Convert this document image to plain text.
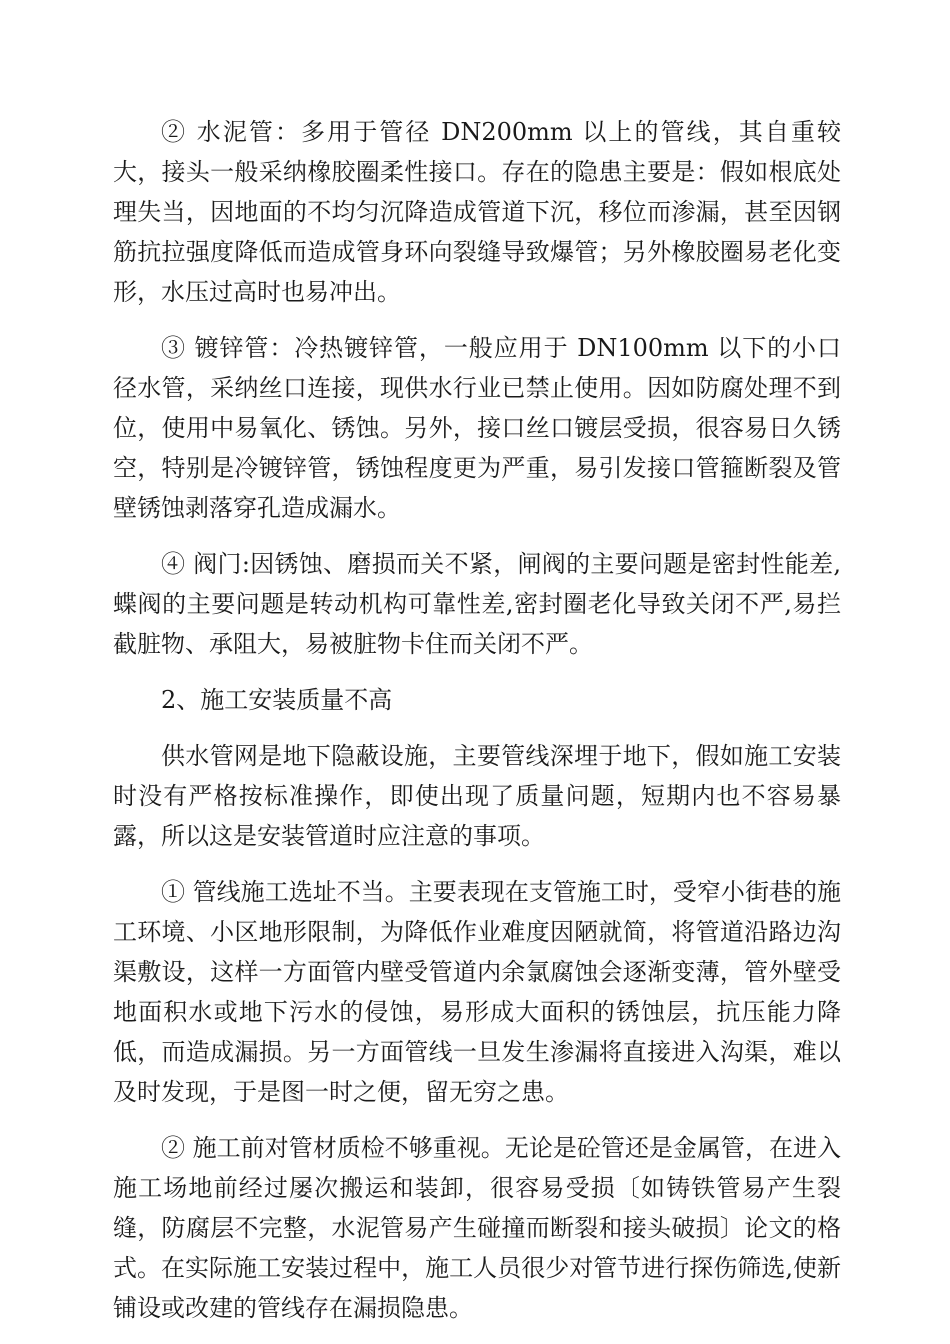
② 水泥管：多用于管径 DN200mm 以上的管线，其自重较大，接头一般采纳橡胶圈柔性接口。存在的隐患主要是：假如根底处理失当，因地面的不均匀沉降造成管道下沉，移位而渗漏，甚至因钢筋抗拉强度降低而造成管身环向裂缝导致爆管；另外橡胶圈易老化变形，水压过高时也易冲出。

③ 镀锌管：冷热镀锌管，一般应用于 DN100mm 以下的小口径水管，采纳丝口连接，现供水行业已禁止使用。因如防腐处理不到位，使用中易氧化、锈蚀。另外，接口丝口镀层受损，很容易日久锈空，特别是冷镀锌管，锈蚀程度更为严重，易引发接口管箍断裂及管壁锈蚀剥落穿孔造成漏水。

④ 阀门:因锈蚀、磨损而关不紧，闸阀的主要问题是密封性能差,蝶阀的主要问题是转动机构可靠性差,密封圈老化导致关闭不严,易拦截脏物、承阻大，易被脏物卡住而关闭不严。

2、施工安装质量不高

供水管网是地下隐蔽设施，主要管线深埋于地下，假如施工安装时没有严格按标准操作，即使出现了质量问题，短期内也不容易暴露，所以这是安装管道时应注意的事项。

① 管线施工选址不当。主要表现在支管施工时，受窄小街巷的施工环境、小区地形限制，为降低作业难度因陋就简，将管道沿路边沟渠敷设，这样一方面管内壁受管道内余氯腐蚀会逐渐变薄，管外壁受地面积水或地下污水的侵蚀，易形成大面积的锈蚀层，抗压能力降低，而造成漏损。另一方面管线一旦发生渗漏将直接进入沟渠，难以及时发现，于是图一时之便，留无穷之患。

② 施工前对管材质检不够重视。无论是砼管还是金属管，在进入施工场地前经过屡次搬运和装卸，很容易受损〔如铸铁管易产生裂缝，防腐层不完整，水泥管易产生碰撞而断裂和接头破损〕论文的格式。在实际施工安装过程中，施工人员很少对管节进行探伤筛选,使新铺设或改建的管线存在漏损隐患。
